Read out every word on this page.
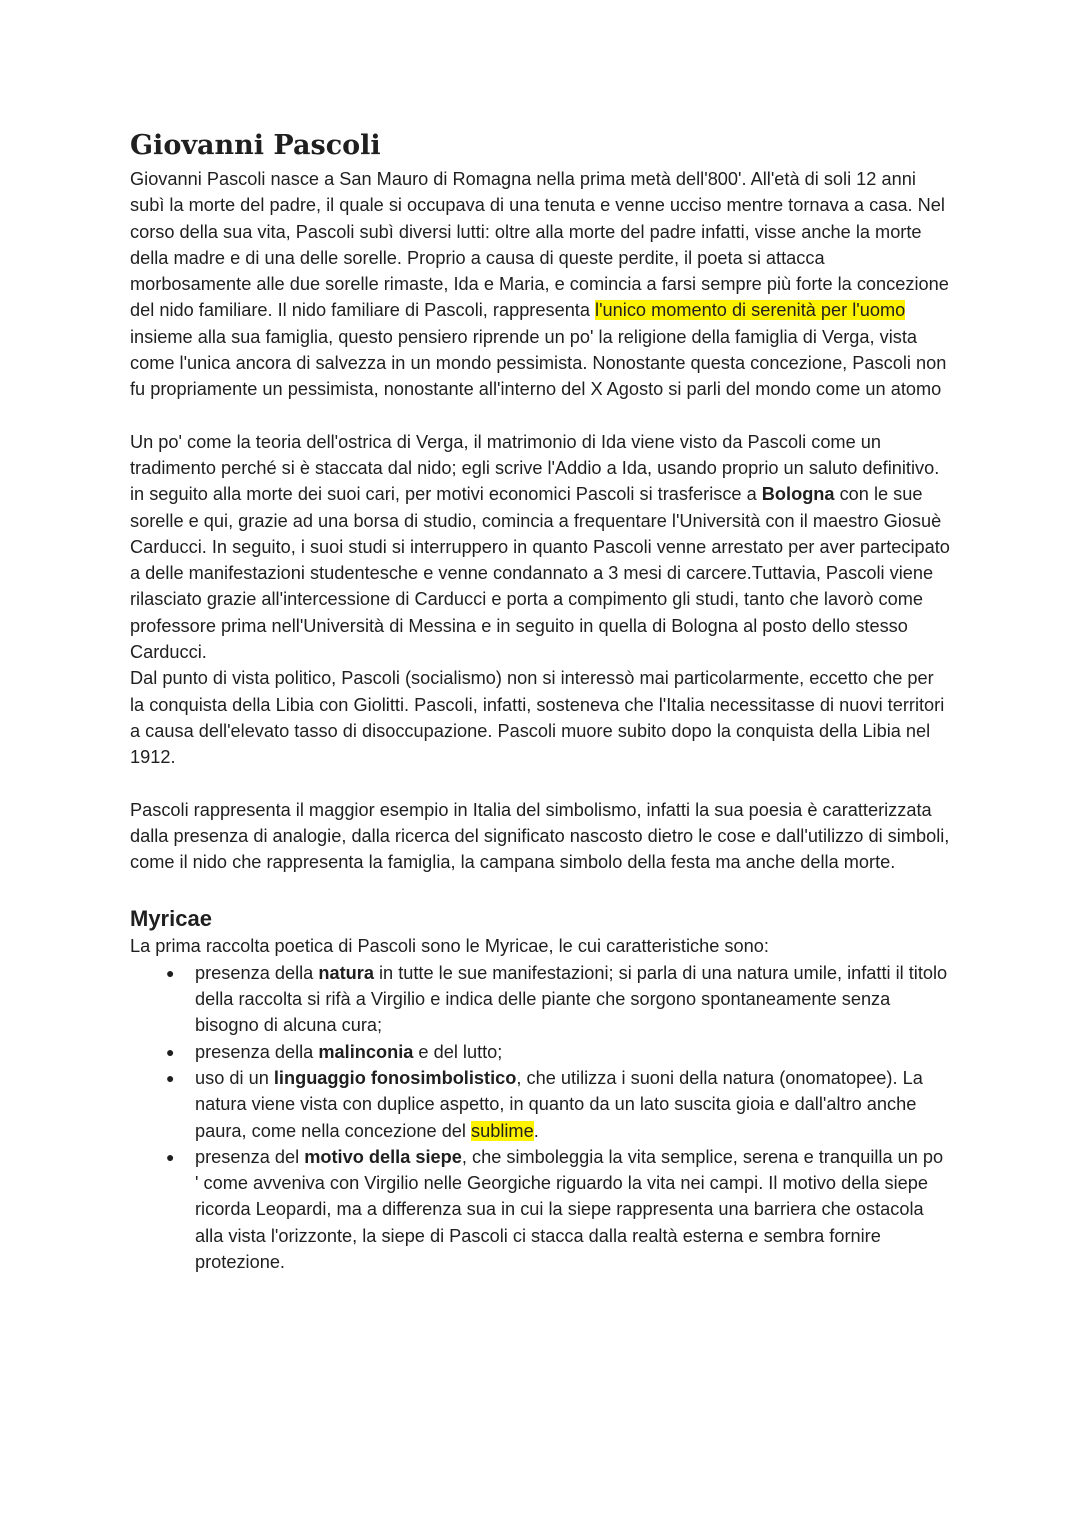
Giovanni Pascoli

Giovanni Pascoli nasce a San Mauro di Romagna nella prima metà dell'800'. All'età di soli 12 anni subì la morte del padre, il quale si occupava di una tenuta e venne ucciso mentre tornava a casa. Nel corso della sua vita, Pascoli subì diversi lutti: oltre alla morte del padre infatti, visse anche la morte della madre e di una delle sorelle. Proprio a causa di queste perdite, il poeta si attacca morbosamente alle due sorelle rimaste, Ida e Maria, e comincia a farsi sempre più forte la concezione del nido familiare. Il nido familiare di Pascoli, rappresenta l'unico momento di serenità per l'uomo insieme alla sua famiglia, questo pensiero riprende un po' la religione della famiglia di Verga, vista come l'unica ancora di salvezza in un mondo pessimista. Nonostante questa concezione, Pascoli non fu propriamente un pessimista, nonostante all'interno del X Agosto si parli del mondo come un atomo

Un po' come la teoria dell'ostrica di Verga, il matrimonio di Ida viene visto da Pascoli come un tradimento perché si è staccata dal nido; egli scrive l'Addio a Ida, usando proprio un saluto definitivo.

in seguito alla morte dei suoi cari, per motivi economici Pascoli si trasferisce a Bologna con le sue sorelle e qui, grazie ad una borsa di studio, comincia a frequentare l'Università con il maestro Giosuè Carducci. In seguito, i suoi studi si interruppero in quanto Pascoli venne arrestato per aver partecipato a delle manifestazioni studentesche e venne condannato a 3 mesi di carcere.Tuttavia, Pascoli viene rilasciato grazie all'intercessione di Carducci e porta a compimento gli studi, tanto che lavorò come professore prima nell'Università di Messina e in seguito in quella di Bologna al posto dello stesso Carducci.

Dal punto di vista politico, Pascoli (socialismo) non si interessò mai particolarmente, eccetto che per la conquista della Libia con Giolitti. Pascoli, infatti, sosteneva che l'Italia necessitasse di nuovi territori a causa dell'elevato tasso di disoccupazione. Pascoli muore subito dopo la conquista della Libia nel 1912.

Pascoli rappresenta il maggior esempio in Italia del simbolismo, infatti la sua poesia è caratterizzata dalla presenza di analogie, dalla ricerca del significato nascosto dietro le cose e dall'utilizzo di simboli, come il nido che rappresenta la famiglia, la campana simbolo della festa ma anche della morte.

Myricae

La prima raccolta poetica di Pascoli sono le Myricae, le cui caratteristiche sono:

● presenza della natura in tutte le sue manifestazioni; si parla di una natura umile, infatti il titolo della raccolta si rifà a Virgilio e indica delle piante che sorgono spontaneamente senza bisogno di alcuna cura;
● presenza della malinconia e del lutto;
● uso di un linguaggio fonosimbolistico, che utilizza i suoni della natura (onomatopee). La natura viene vista con duplice aspetto, in quanto da un lato suscita gioia e dall'altro anche paura, come nella concezione del sublime.
● presenza del motivo della siepe, che simboleggia la vita semplice, serena e tranquilla un po ' come avveniva con Virgilio nelle Georgiche riguardo la vita nei campi. Il motivo della siepe ricorda Leopardi, ma a differenza sua in cui la siepe rappresenta una barriera che ostacola alla vista l'orizzonte, la siepe di Pascoli ci stacca dalla realtà esterna e sembra fornire protezione.
